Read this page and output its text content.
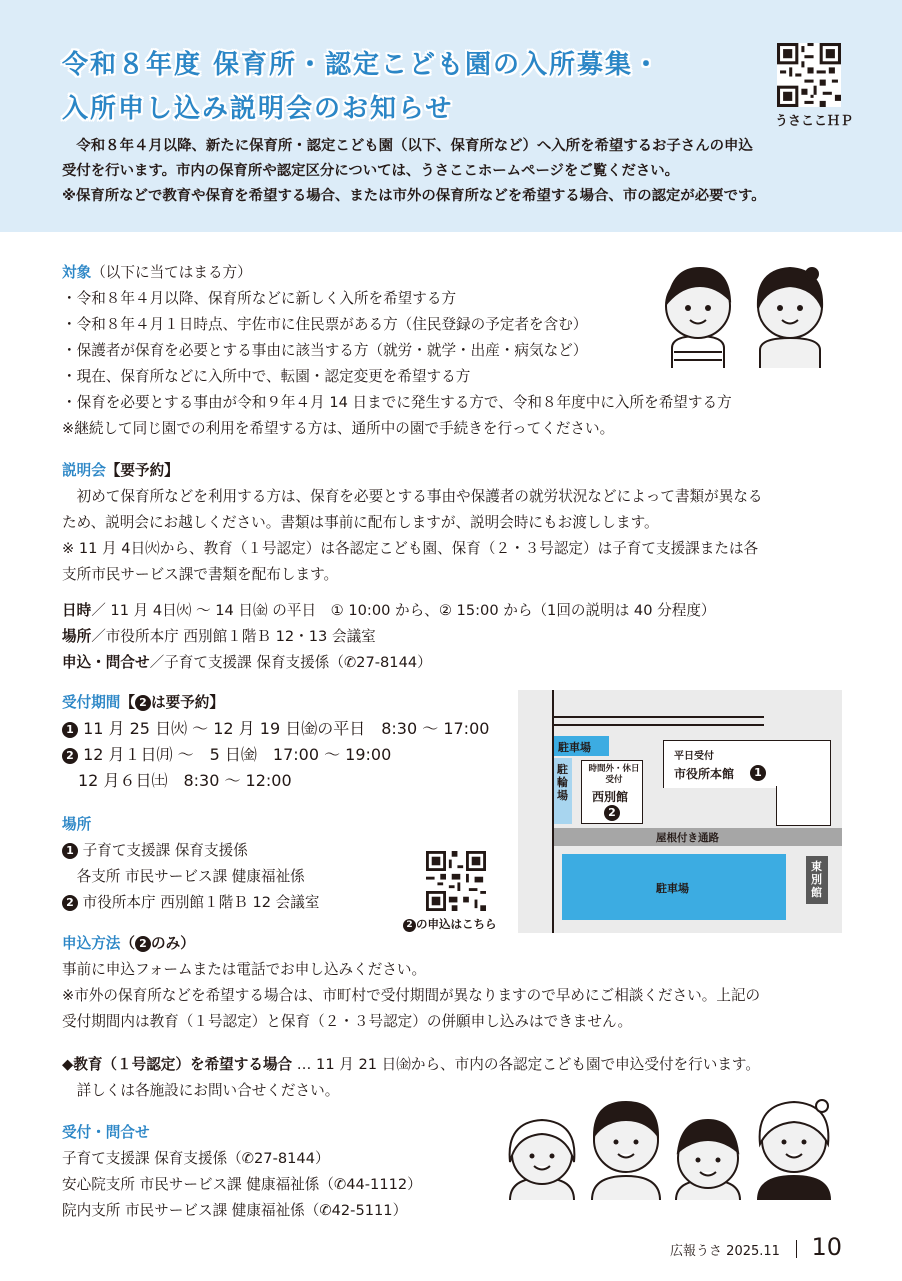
令和８年度 保育所・認定こども園の入所募集・
入所申し込み説明会のお知らせ	うさここＨＰ

　令和８年４月以降、新たに保育所・認定こども園（以下、保育所など）へ入所を希望するお子さんの申込

受付を行います。市内の保育所や認定区分については、うさここホームページをご覧ください。

※保育所などで教育や保育を希望する場合、または市外の保育所などを希望する場合、市の認定が必要です。

対象（以下に当てはまる方）

・令和８年４月以降、保育所などに新しく入所を希望する方

・令和８年４月１日時点、宇佐市に住民票がある方（住民登録の予定者を含む）

・保護者が保育を必要とする事由に該当する方（就労・就学・出産・病気など）

・現在、保育所などに入所中で、転園・認定変更を希望する方

・保育を必要とする事由が令和９年４月 14 日までに発生する方で、令和８年度中に入所を希望する方

※継続して同じ園での利用を希望する方は、通所中の園で手続きを行ってください。

説明会【要予約】

　初めて保育所などを利用する方は、保育を必要とする事由や保護者の就労状況などによって書類が異なる

ため、説明会にお越しください。書類は事前に配布しますが、説明会時にもお渡しします。

※ 11 月 4日㈫から、教育（１号認定）は各認定こども園、保育（２・３号認定）は子育て支援課または各

支所市民サービス課で書類を配布します。

日時／ 11 月 4日㈫ ～ 14 日㈮ の平日　① 10:00 から、② 15:00 から（1回の説明は 40 分程度）

場所／市役所本庁 西別館１階Ｂ 12・13 会議室

申込・問合せ／子育て支援課 保育支援係（✆27-8144）

受付期間【 2 は要予約】

1 11 月 25 日㈫ ～ 12 月 19 日㈮の平日　8:30 ～ 17:00

2 12 月１日㈪ ～　5 日㈮　17:00 ～ 19:00

　12 月６日㈯　8:30 ～ 12:00

場所

1 子育て支援課 保育支援係

　各支所 市民サービス課 健康福祉係

2 市役所本庁 西別館１階Ｂ 12 会議室

2 の申込はこちら
駐車場
駐輪場
時間外・休日受付
西別館
2
平日受付
市役所本館	1
屋根付き通路
駐車場
東別館

申込方法（ 2 のみ）

事前に申込フォームまたは電話でお申し込みください。

※市外の保育所などを希望する場合は、市町村で受付期間が異なりますので早めにご相談ください。上記の

受付期間内は教育（１号認定）と保育（２・３号認定）の併願申し込みはできません。

◆教育（１号認定）を希望する場合 … 11 月 21 日㈮から、市内の各認定こども園で申込受付を行います。

　詳しくは各施設にお問い合せください。

受付・問合せ

子育て支援課 保育支援係（✆27-8144）

安心院支所 市民サービス課 健康福祉係（✆44-1112）

院内支所 市民サービス課 健康福祉係（✆42-5111）

広報うさ 2025.11 10
